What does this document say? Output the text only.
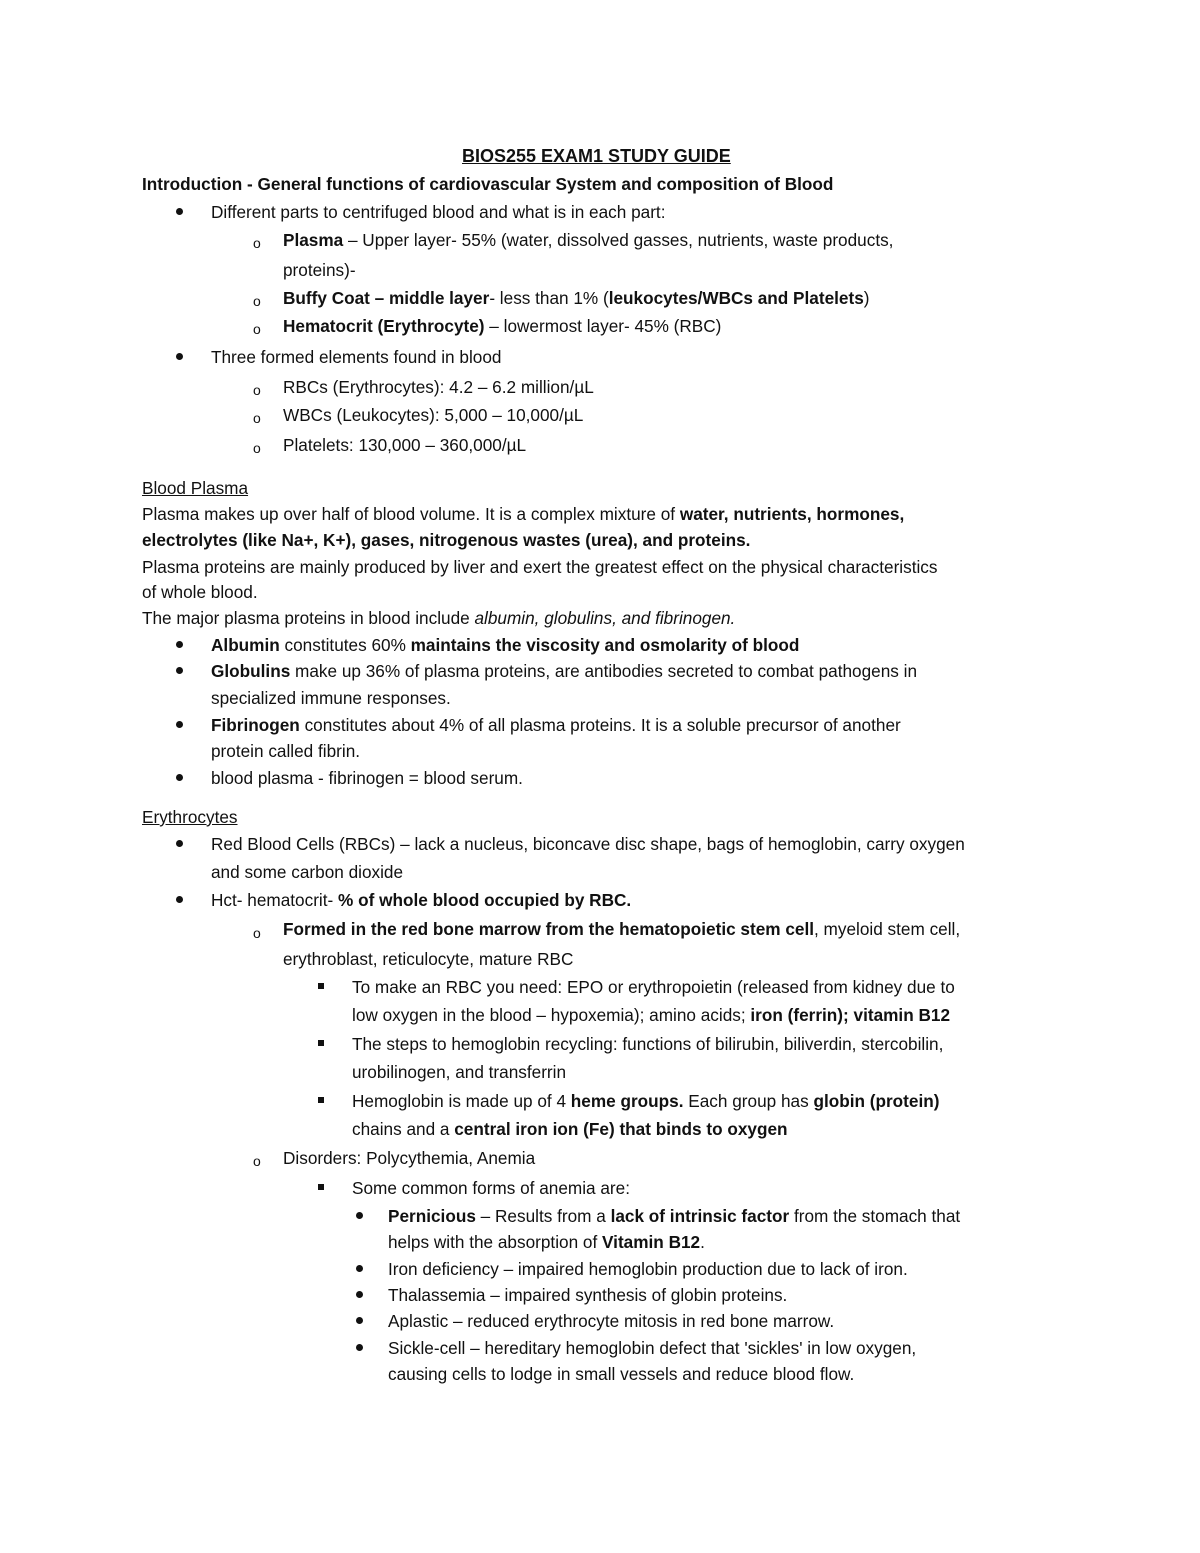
BIOS255 EXAM1 STUDY GUIDE
Introduction - General functions of cardiovascular System and composition of Blood
Different parts to centrifuged blood and what is in each part:
o Plasma – Upper layer- 55% (water, dissolved gasses, nutrients, waste products,
proteins)-
o Buffy Coat – middle layer- less than 1% (leukocytes/WBCs and Platelets)
o Hematocrit (Erythrocyte) – lowermost layer- 45% (RBC)
Three formed elements found in blood
o RBCs (Erythrocytes): 4.2 – 6.2 million/µL
o WBCs (Leukocytes): 5,000 – 10,000/µL
o Platelets: 130,000 – 360,000/µL
Blood Plasma
Plasma makes up over half of blood volume. It is a complex mixture of water, nutrients, hormones,
electrolytes (like Na+, K+), gases, nitrogenous wastes (urea), and proteins.
Plasma proteins are mainly produced by liver and exert the greatest effect on the physical characteristics
of whole blood.
The major plasma proteins in blood include albumin, globulins, and fibrinogen.
Albumin constitutes 60% maintains the viscosity and osmolarity of blood
Globulins make up 36% of plasma proteins, are antibodies secreted to combat pathogens in
specialized immune responses.
Fibrinogen constitutes about 4% of all plasma proteins. It is a soluble precursor of another
protein called fibrin.
blood plasma - fibrinogen = blood serum.
Erythrocytes
Red Blood Cells (RBCs) – lack a nucleus, biconcave disc shape, bags of hemoglobin, carry oxygen
and some carbon dioxide
Hct- hematocrit- % of whole blood occupied by RBC.
o Formed in the red bone marrow from the hematopoietic stem cell, myeloid stem cell,
erythroblast, reticulocyte, mature RBC
To make an RBC you need: EPO or erythropoietin (released from kidney due to
low oxygen in the blood – hypoxemia); amino acids; iron (ferrin); vitamin B12
The steps to hemoglobin recycling: functions of bilirubin, biliverdin, stercobilin,
urobilinogen, and transferrin
Hemoglobin is made up of 4 heme groups. Each group has globin (protein)
chains and a central iron ion (Fe) that binds to oxygen
o Disorders: Polycythemia, Anemia
Some common forms of anemia are:
Pernicious – Results from a lack of intrinsic factor from the stomach that
helps with the absorption of Vitamin B12.
Iron deficiency – impaired hemoglobin production due to lack of iron.
Thalassemia – impaired synthesis of globin proteins.
Aplastic – reduced erythrocyte mitosis in red bone marrow.
Sickle-cell – hereditary hemoglobin defect that 'sickles' in low oxygen,
causing cells to lodge in small vessels and reduce blood flow.
